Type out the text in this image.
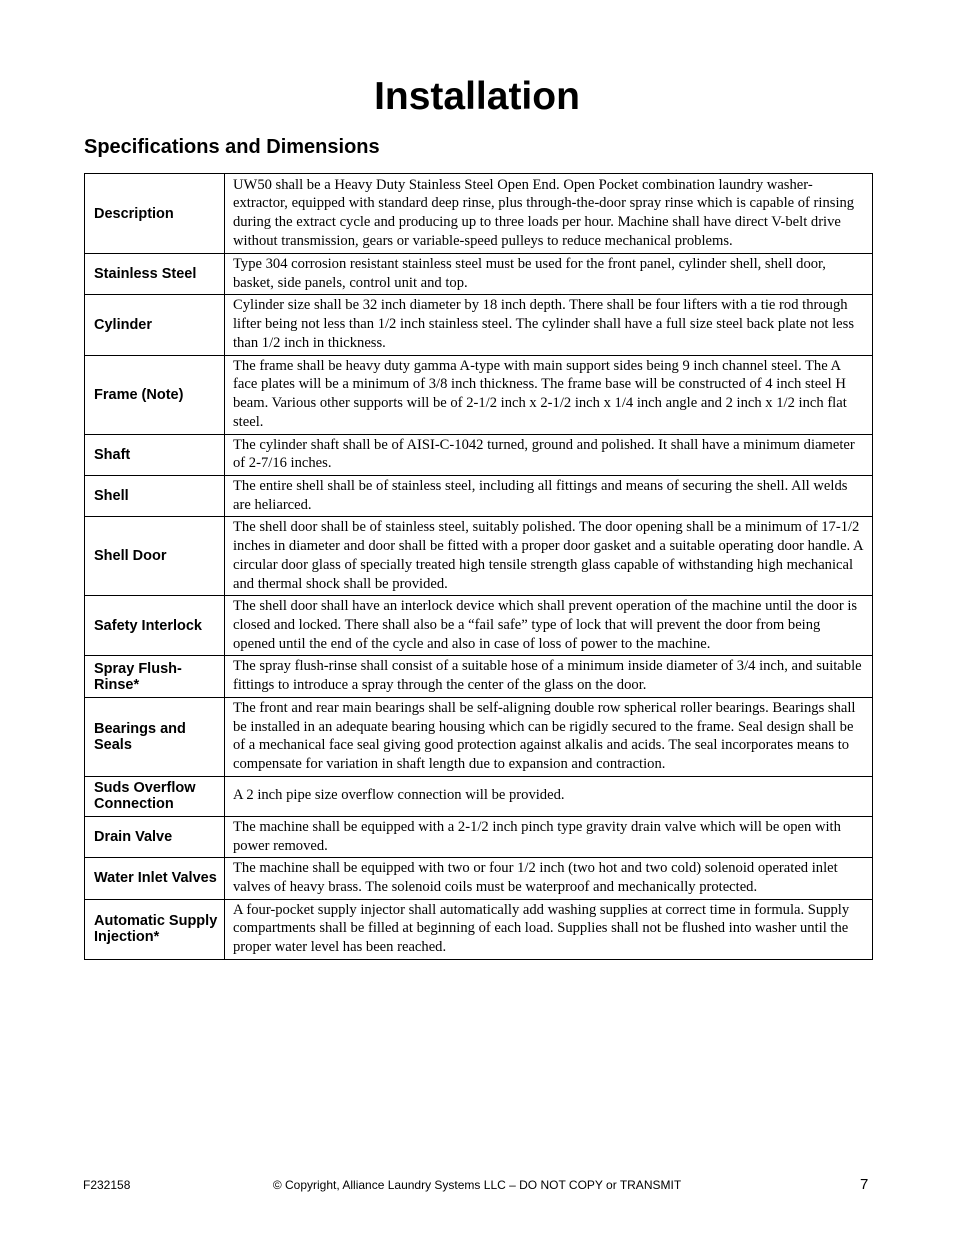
Installation
Specifications and Dimensions
Description	UW50 shall be a Heavy Duty Stainless Steel Open End. Open Pocket combination laundry washer-extractor, equipped with standard deep rinse, plus through-the-door spray rinse which is capable of rinsing during the extract cycle and producing up to three loads per hour. Machine shall have direct V-belt drive without transmission, gears or variable-speed pulleys to reduce mechanical problems.
Stainless Steel	Type 304 corrosion resistant stainless steel must be used for the front panel, cylinder shell, shell door, basket, side panels, control unit and top.
Cylinder	Cylinder size shall be 32 inch diameter by 18 inch depth. There shall be four lifters with a tie rod through lifter being not less than 1/2 inch stainless steel. The cylinder shall have a full size steel back plate not less than 1/2 inch in thickness.
Frame (Note)	The frame shall be heavy duty gamma A-type with main support sides being 9 inch channel steel. The A face plates will be a minimum of 3/8 inch thickness. The frame base will be constructed of 4 inch steel H beam. Various other supports will be of 2-1/2 inch x 2-1/2 inch x 1/4 inch angle and 2 inch x 1/2 inch flat steel.
Shaft	The cylinder shaft shall be of AISI-C-1042 turned, ground and polished. It shall have a minimum diameter of 2-7/16 inches.
Shell	The entire shell shall be of stainless steel, including all fittings and means of securing the shell. All welds are heliarced.
Shell Door	The shell door shall be of stainless steel, suitably polished. The door opening shall be a minimum of 17-1/2 inches in diameter and door shall be fitted with a proper door gasket and a suitable operating door handle. A circular door glass of specially treated high tensile strength glass capable of withstanding high mechanical and thermal shock shall be provided.
Safety Interlock	The shell door shall have an interlock device which shall prevent operation of the machine until the door is closed and locked. There shall also be a “fail safe” type of lock that will prevent the door from being opened until the end of the cycle and also in case of loss of power to the machine.
Spray Flush-Rinse*	The spray flush-rinse shall consist of a suitable hose of a minimum inside diameter of 3/4 inch, and suitable fittings to introduce a spray through the center of the glass on the door.
Bearings and Seals	The front and rear main bearings shall be self-aligning double row spherical roller bearings. Bearings shall be installed in an adequate bearing housing which can be rigidly secured to the frame. Seal design shall be of a mechanical face seal giving good protection against alkalis and acids. The seal incorporates means to compensate for variation in shaft length due to expansion and contraction.
Suds Overflow Connection	A 2 inch pipe size overflow connection will be provided.
Drain Valve	The machine shall be equipped with a 2-1/2 inch pinch type gravity drain valve which will be open with power removed.
Water Inlet Valves	The machine shall be equipped with two or four 1/2 inch (two hot and two cold) solenoid operated inlet valves of heavy brass. The solenoid coils must be waterproof and mechanically protected.
Automatic Supply Injection*	A four-pocket supply injector shall automatically add washing supplies at correct time in formula. Supply compartments shall be filled at beginning of each load. Supplies shall not be flushed into washer until the proper water level has been reached.
F232158	© Copyright, Alliance Laundry Systems LLC – DO NOT COPY or TRANSMIT	7
